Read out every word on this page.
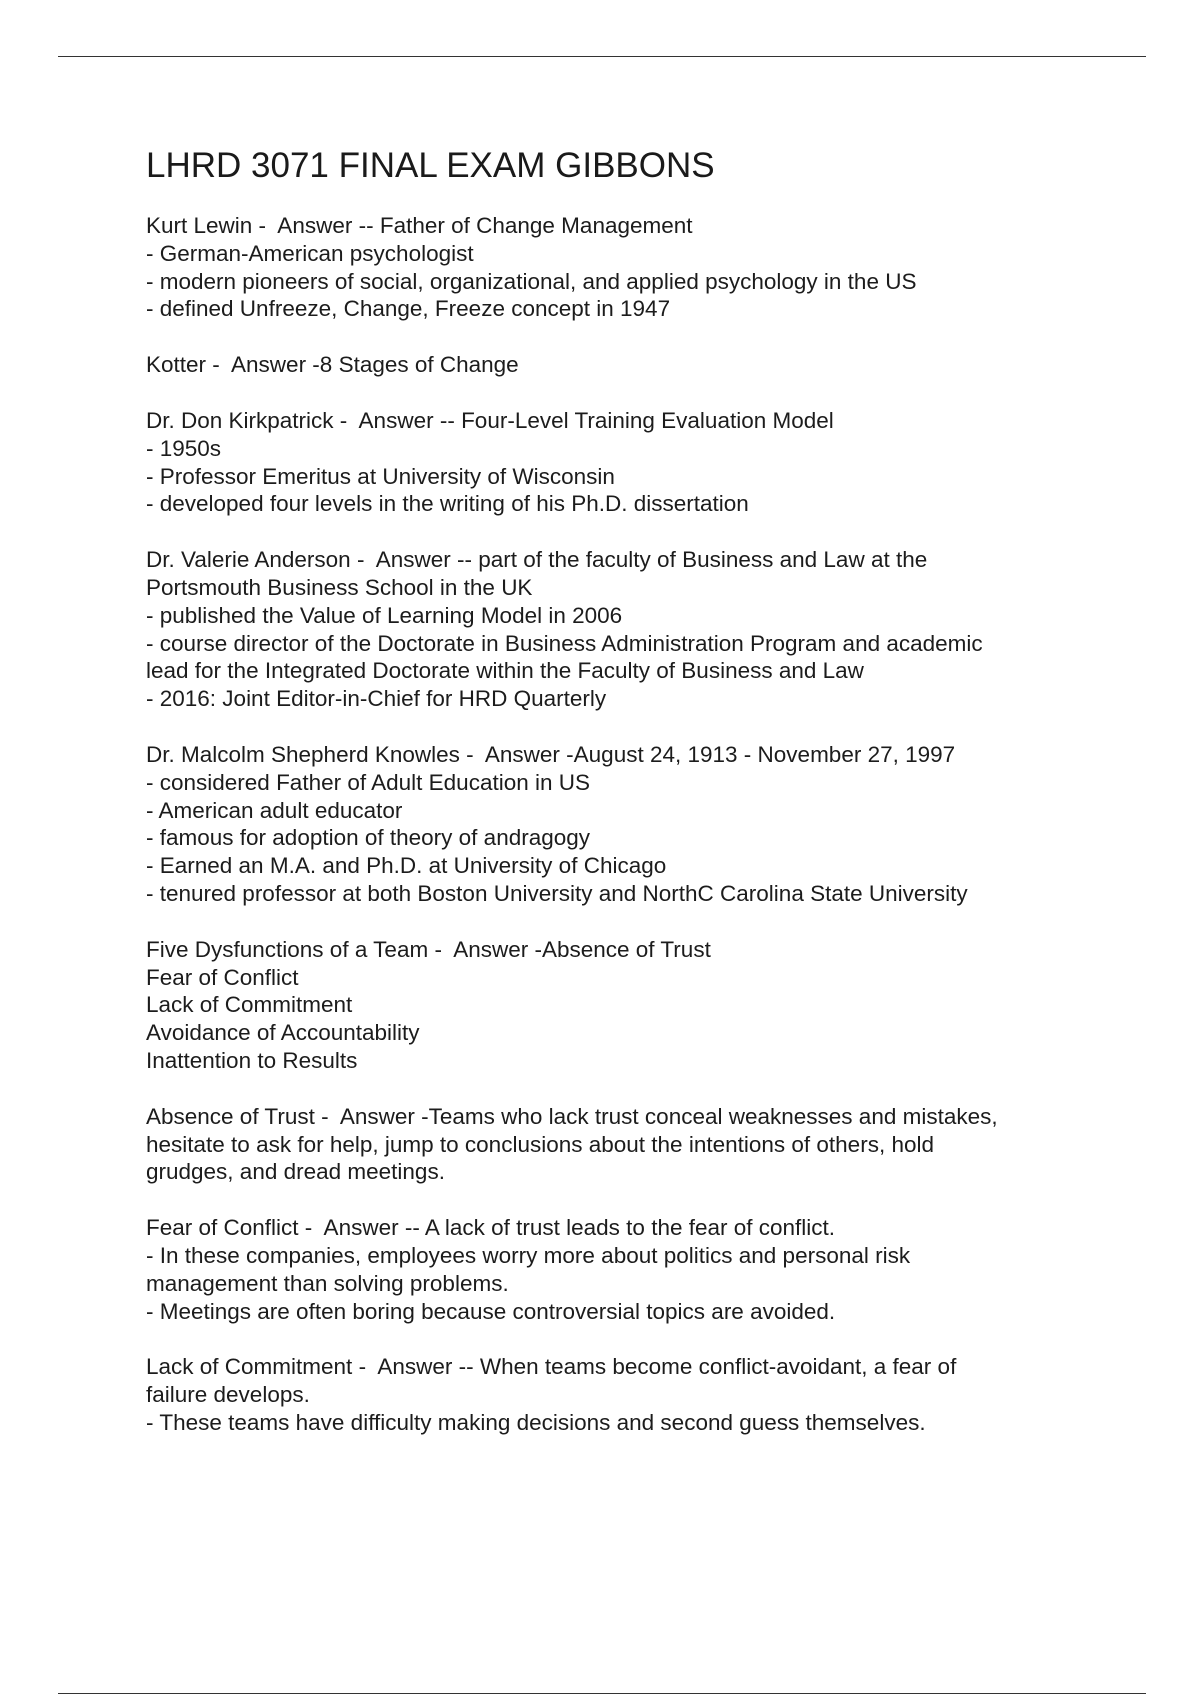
LHRD 3071 FINAL EXAM GIBBONS
Kurt Lewin -  Answer -- Father of Change Management
- German-American psychologist
- modern pioneers of social, organizational, and applied psychology in the US
- defined Unfreeze, Change, Freeze concept in 1947
Kotter -  Answer -8 Stages of Change
Dr. Don Kirkpatrick -  Answer -- Four-Level Training Evaluation Model
- 1950s
- Professor Emeritus at University of Wisconsin
- developed four levels in the writing of his Ph.D. dissertation
Dr. Valerie Anderson -  Answer -- part of the faculty of Business and Law at the
Portsmouth Business School in the UK
- published the Value of Learning Model in 2006
- course director of the Doctorate in Business Administration Program and academic
lead for the Integrated Doctorate within the Faculty of Business and Law
- 2016: Joint Editor-in-Chief for HRD Quarterly
Dr. Malcolm Shepherd Knowles -  Answer -August 24, 1913 - November 27, 1997
- considered Father of Adult Education in US
- American adult educator
- famous for adoption of theory of andragogy
- Earned an M.A. and Ph.D. at University of Chicago
- tenured professor at both Boston University and NorthC Carolina State University
Five Dysfunctions of a Team -  Answer -Absence of Trust
Fear of Conflict
Lack of Commitment
Avoidance of Accountability
Inattention to Results
Absence of Trust -  Answer -Teams who lack trust conceal weaknesses and mistakes,
hesitate to ask for help, jump to conclusions about the intentions of others, hold
grudges, and dread meetings.
Fear of Conflict -  Answer -- A lack of trust leads to the fear of conflict.
- In these companies, employees worry more about politics and personal risk
management than solving problems.
- Meetings are often boring because controversial topics are avoided.
Lack of Commitment -  Answer -- When teams become conflict-avoidant, a fear of
failure develops.
- These teams have difficulty making decisions and second guess themselves.
